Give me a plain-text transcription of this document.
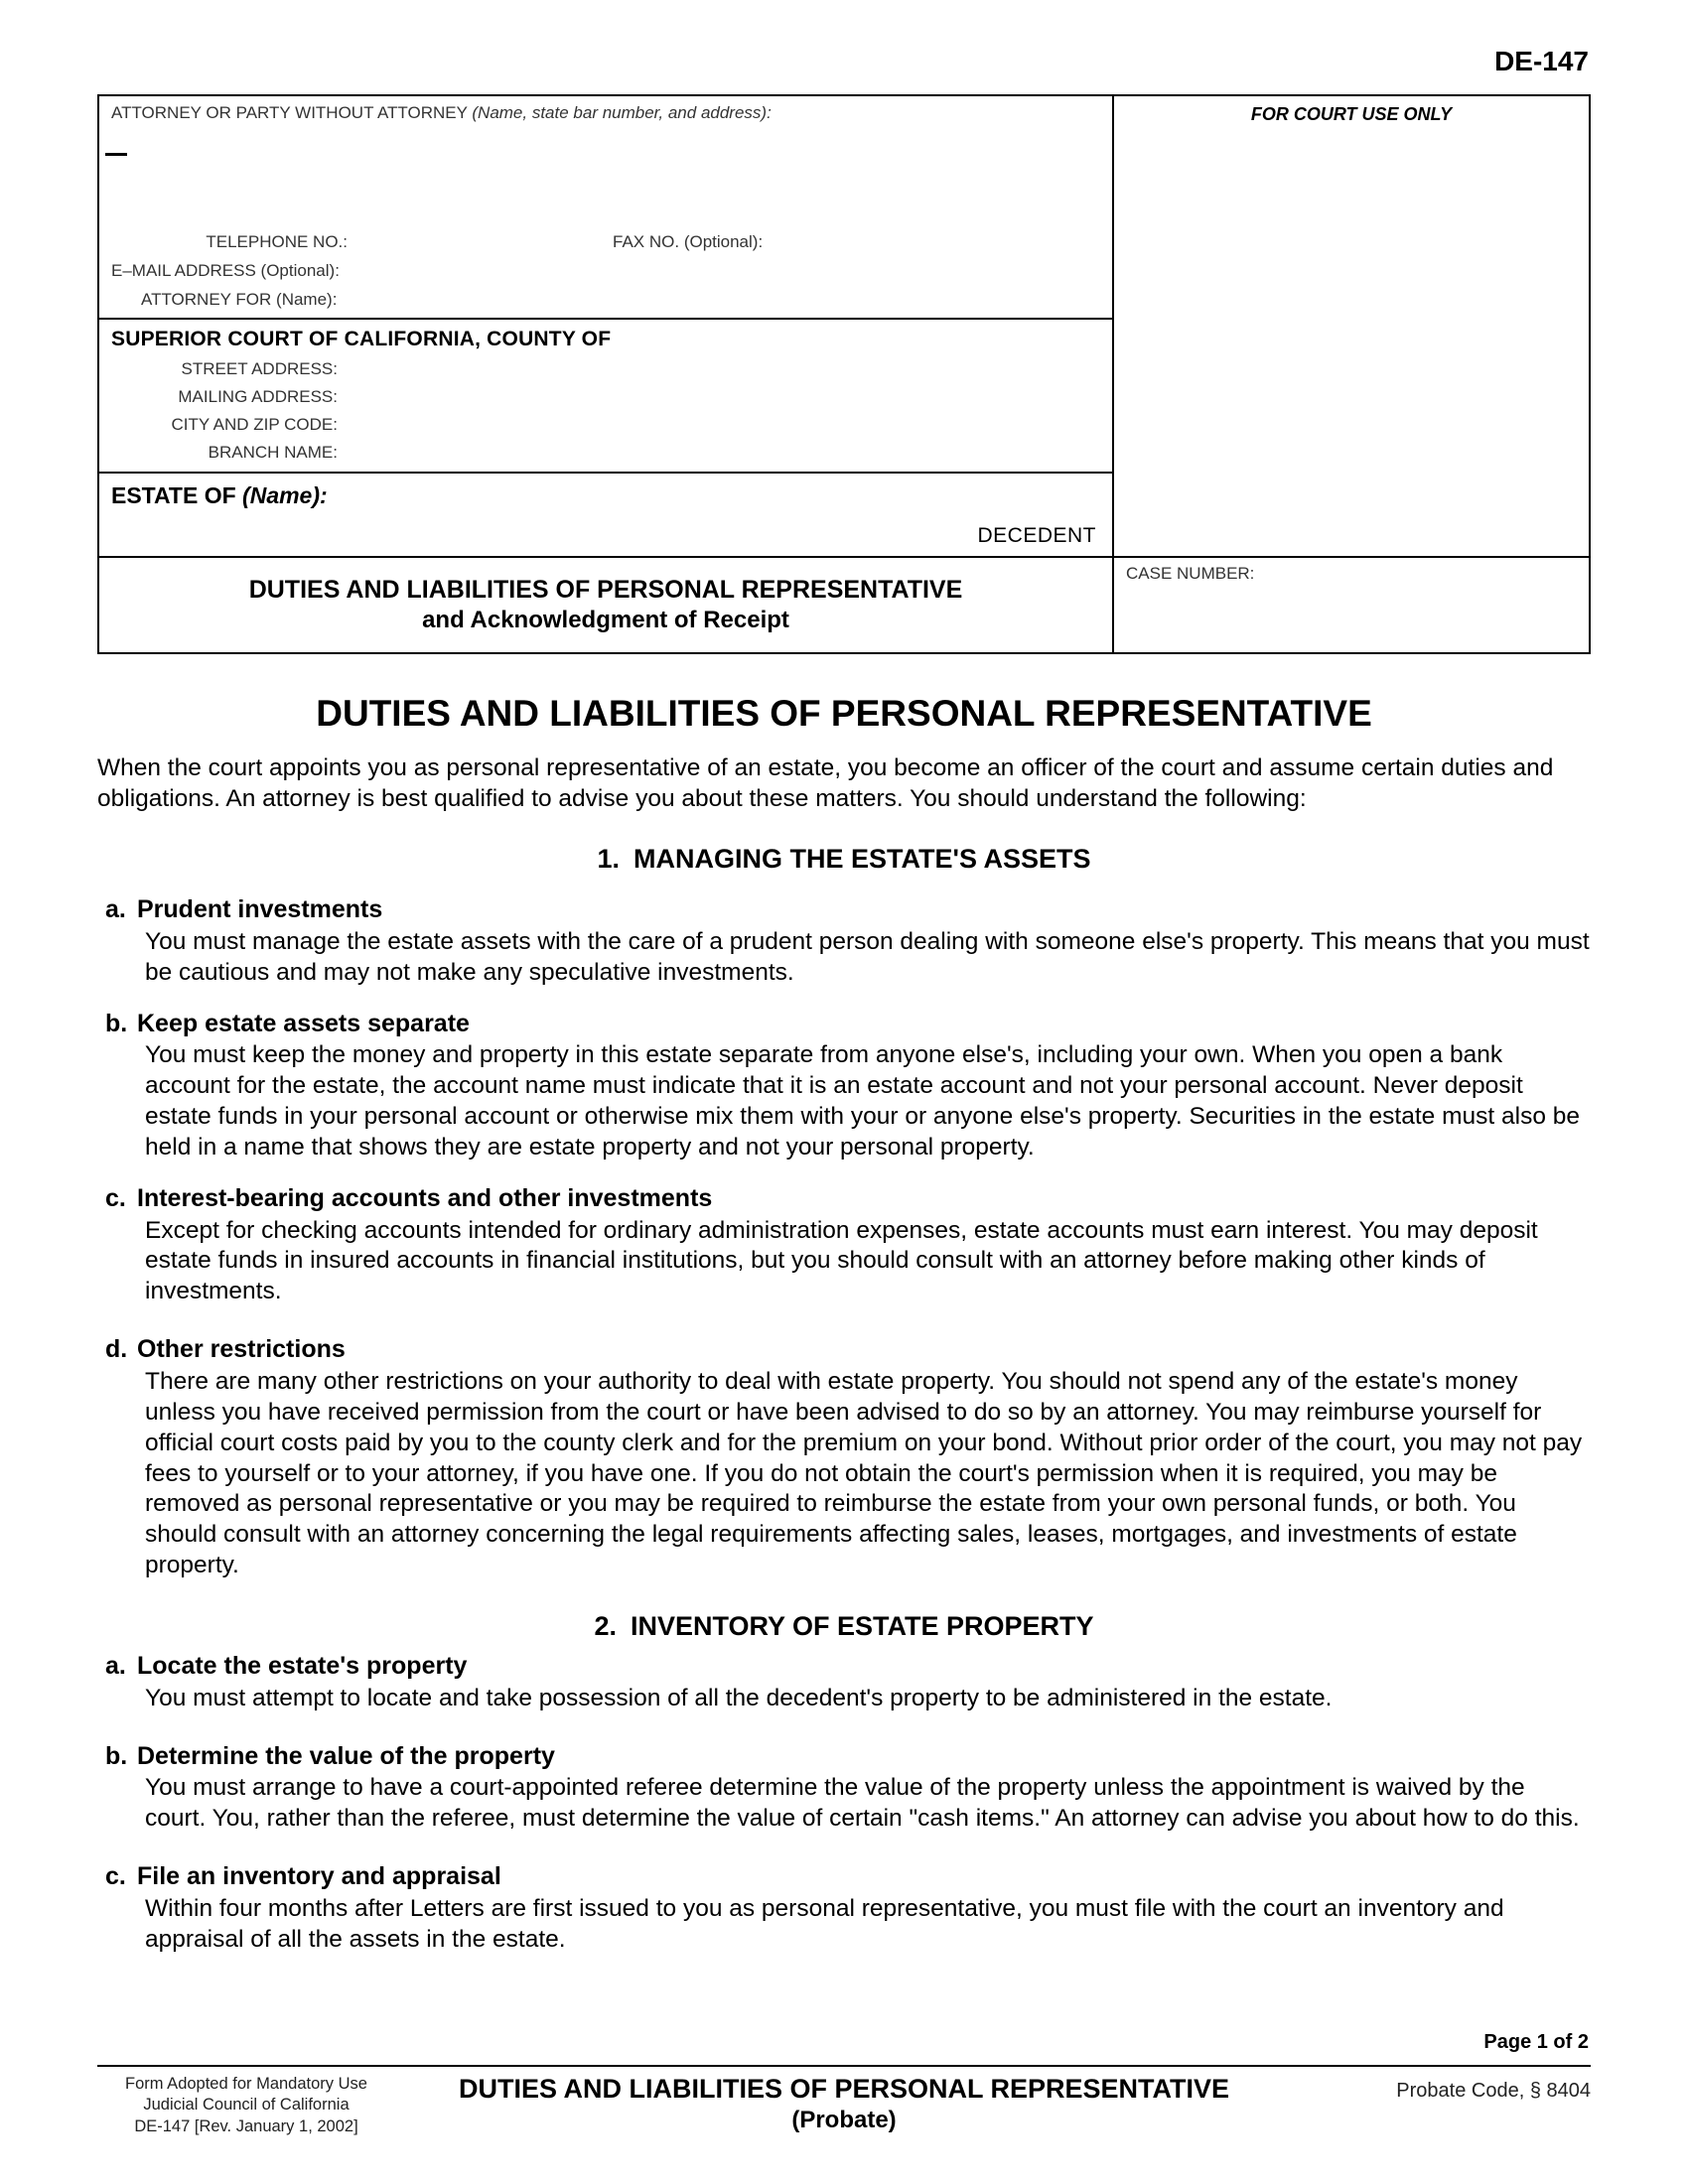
DE-147
ATTORNEY OR PARTY WITHOUT ATTORNEY (Name, state bar number, and address):
TELEPHONE NO.:	FAX NO. (Optional):
E–MAIL ADDRESS (Optional):
ATTORNEY FOR (Name):
SUPERIOR COURT OF CALIFORNIA, COUNTY OF
STREET ADDRESS:
MAILING ADDRESS:
CITY AND ZIP CODE:
BRANCH NAME:
ESTATE OF (Name):
DECEDENT
DUTIES AND LIABILITIES OF PERSONAL REPRESENTATIVE
and Acknowledgment of Receipt
FOR COURT USE ONLY
CASE NUMBER:
DUTIES AND LIABILITIES OF PERSONAL REPRESENTATIVE

When the court appoints you as personal representative of an estate, you become an officer of the court and assume certain duties and obligations. An attorney is best qualified to advise you about these matters. You should understand the following:

1. MANAGING THE ESTATE'S ASSETS
a. Prudent investments

You must manage the estate assets with the care of a prudent person dealing with someone else's property. This means that you must be cautious and may not make any speculative investments.

b. Keep estate assets separate

You must keep the money and property in this estate separate from anyone else's, including your own. When you open a bank account for the estate, the account name must indicate that it is an estate account and not your personal account. Never deposit estate funds in your personal account or otherwise mix them with your or anyone else's property. Securities in the estate must also be held in a name that shows they are estate property and not your personal property.

c. Interest-bearing accounts and other investments

Except for checking accounts intended for ordinary administration expenses, estate accounts must earn interest. You may deposit estate funds in insured accounts in financial institutions, but you should consult with an attorney before making other kinds of investments.

d. Other restrictions

There are many other restrictions on your authority to deal with estate property. You should not spend any of the estate's money unless you have received permission from the court or have been advised to do so by an attorney. You may reimburse yourself for official court costs paid by you to the county clerk and for the premium on your bond. Without prior order of the court, you may not pay fees to yourself or to your attorney, if you have one. If you do not obtain the court's permission when it is required, you may be removed as personal representative or you may be required to reimburse the estate from your own personal funds, or both. You should consult with an attorney concerning the legal requirements affecting sales, leases, mortgages, and investments of estate property.

2. INVENTORY OF ESTATE PROPERTY
a. Locate the estate's property

You must attempt to locate and take possession of all the decedent's property to be administered in the estate.

b. Determine the value of the property

You must arrange to have a court-appointed referee determine the value of the property unless the appointment is waived by the court. You, rather than the referee, must determine the value of certain "cash items." An attorney can advise you about how to do this.

c. File an inventory and appraisal

Within four months after Letters are first issued to you as personal representative, you must file with the court an inventory and appraisal of all the assets in the estate.

Page 1 of 2
Form Adopted for Mandatory Use
Judicial Council of California
DE-147 [Rev. January 1, 2002]
DUTIES AND LIABILITIES OF PERSONAL REPRESENTATIVE
(Probate)
Probate Code, § 8404
